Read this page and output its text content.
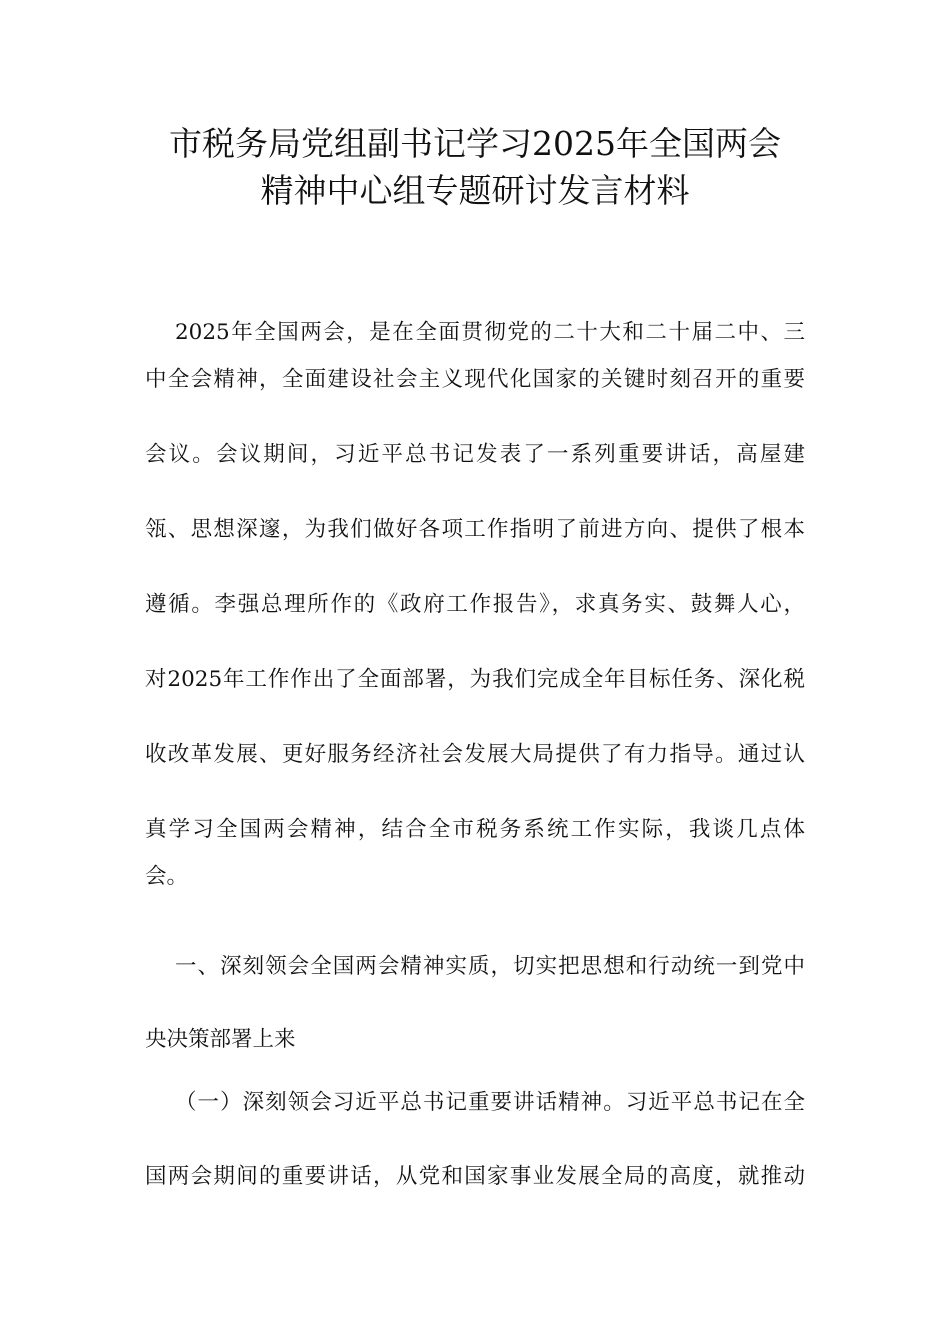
市税务局党组副书记学习2025年全国两会
精神中心组专题研讨发言材料
2025年全国两会，是在全面贯彻党的二十大和二十届二中、三
中全会精神，全面建设社会主义现代化国家的关键时刻召开的重要
会议。会议期间，习近平总书记发表了一系列重要讲话，高屋建
瓴、思想深邃，为我们做好各项工作指明了前进方向、提供了根本
遵循。李强总理所作的《政府工作报告》，求真务实、鼓舞人心，
对2025年工作作出了全面部署，为我们完成全年目标任务、深化税
收改革发展、更好服务经济社会发展大局提供了有力指导。通过认
真学习全国两会精神，结合全市税务系统工作实际，我谈几点体
会。
一、深刻领会全国两会精神实质，切实把思想和行动统一到党中
央决策部署上来
（一）深刻领会习近平总书记重要讲话精神。习近平总书记在全
国两会期间的重要讲话，从党和国家事业发展全局的高度，就推动
